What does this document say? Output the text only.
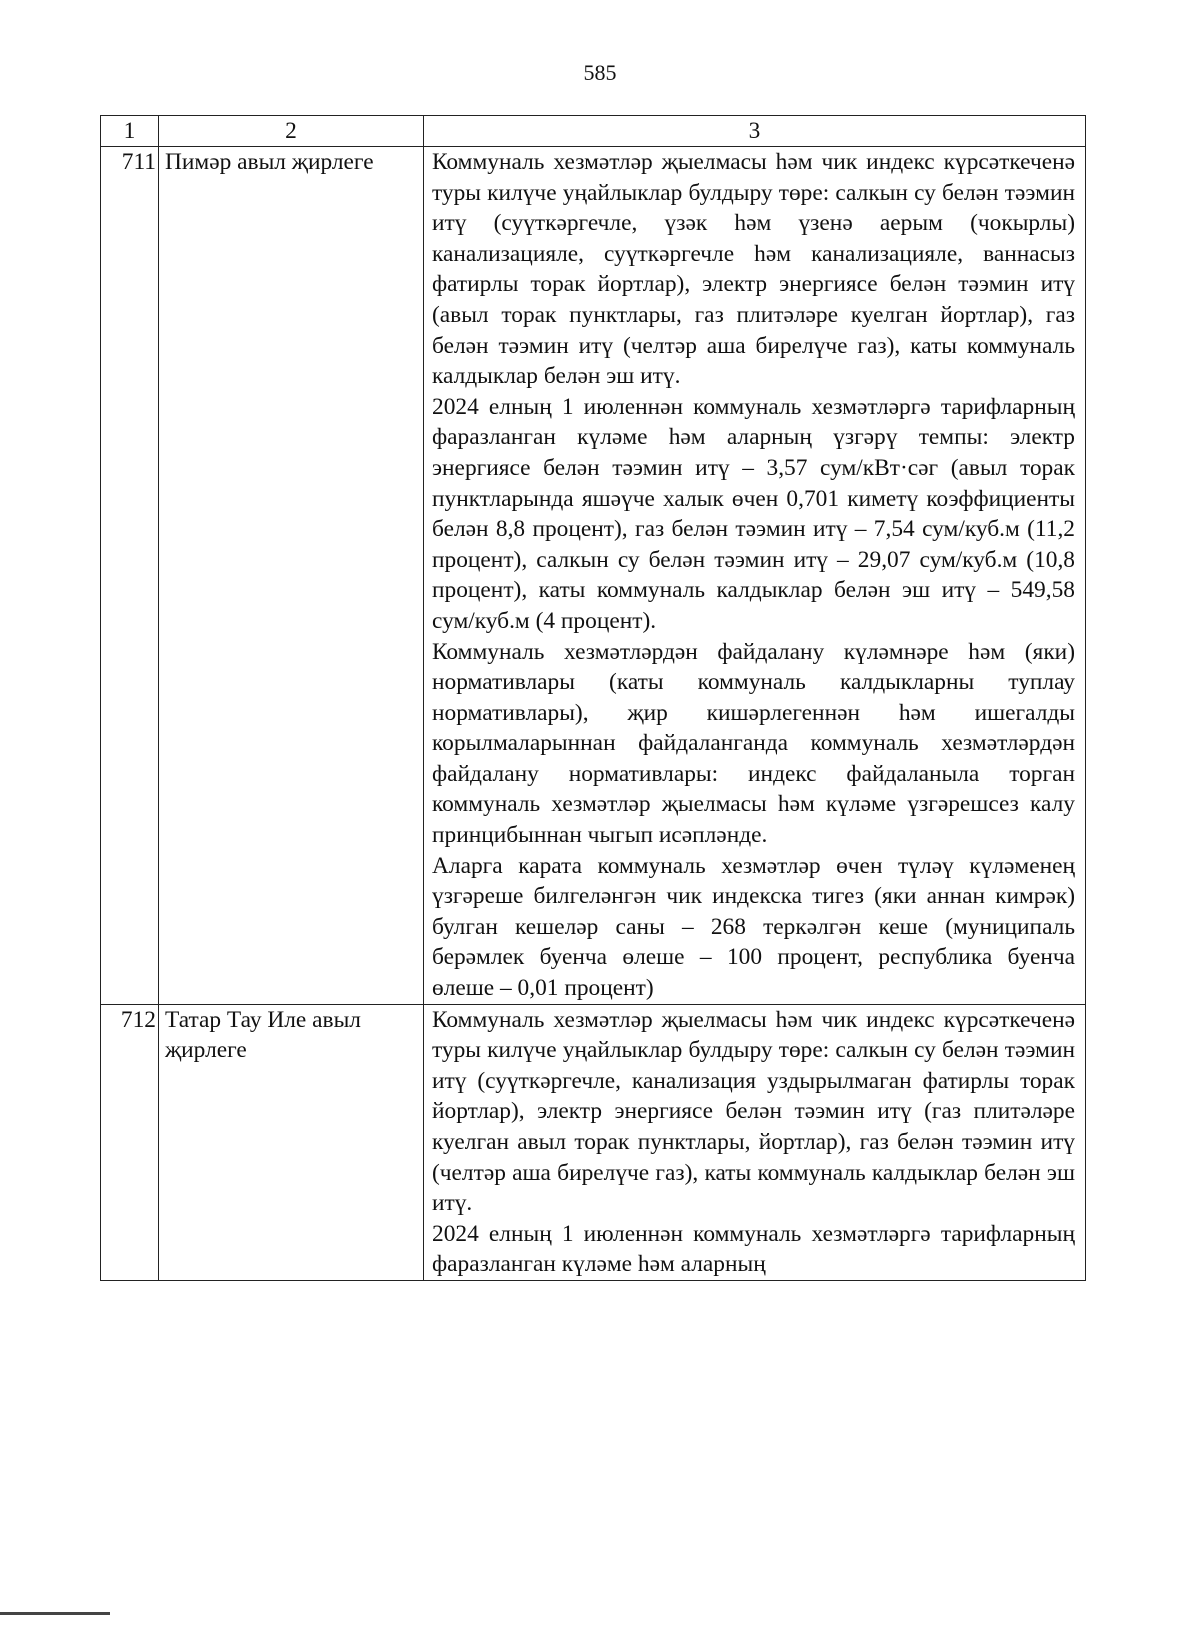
585
1	2	3
711	Пимәр авыл җирлеге	Коммуналь хезмәтләр җыелмасы һәм чик индекс күрсәткеченә туры килүче уңайлыклар булдыру төре: салкын су белән тәэмин итү (суүткәргечле, үзәк һәм үзенә аерым (чокырлы) канализацияле, суүткәргечле һәм канализацияле, ваннасыз фатирлы торак йортлар), электр энергиясе белән тәэмин итү (авыл торак пунктлары, газ плитәләре куелган йортлар), газ белән тәэмин итү (челтәр аша бирелүче газ), каты коммуналь калдыклар белән эш итү.

2024 елның 1 июленнән коммуналь хезмәтләргә тарифларның фаразланган күләме һәм аларның үзгәрү темпы: электр энергиясе белән тәэмин итү – 3,57 сум/кВт·сәг (авыл торак пунктларында яшәүче халык өчен 0,701 киметү коэффициенты белән 8,8 процент), газ белән тәэмин итү – 7,54 сум/куб.м (11,2 процент), салкын су белән тәэмин итү – 29,07 сум/куб.м (10,8 процент), каты коммуналь калдыклар белән эш итү – 549,58 сум/куб.м (4 процент).

Коммуналь хезмәтләрдән файдалану күләмнәре һәм (яки) нормативлары (каты коммуналь калдыкларны туплау нормативлары), җир кишәрлегеннән һәм ишегалды корылмаларыннан файдаланганда коммуналь хезмәтләрдән файдалану нормативлары: индекс файдаланыла торган коммуналь хезмәтләр җыелмасы һәм күләме үзгәрешсез калу принцибыннан чыгып исәпләнде.

Аларга карата коммуналь хезмәтләр өчен түләү күләменең үзгәреше билгеләнгән чик индекска тигез (яки аннан кимрәк) булган кешеләр саны – 268 теркәлгән кеше (муниципаль берәмлек буенча өлеше – 100 процент, республика буенча өлеше – 0,01 процент)

712	Татар Тау Иле авыл җирлеге	Коммуналь хезмәтләр җыелмасы һәм чик индекс күрсәткеченә туры килүче уңайлыклар булдыру төре: салкын су белән тәэмин итү (суүткәргечле, канализация уздырылмаган фатирлы торак йортлар), электр энергиясе белән тәэмин итү (газ плитәләре куелган авыл торак пунктлары, йортлар), газ белән тәэмин итү (челтәр аша бирелүче газ), каты коммуналь калдыклар белән эш итү.

2024 елның 1 июленнән коммуналь хезмәтләргә тарифларның фаразланган күләме һәм аларның
